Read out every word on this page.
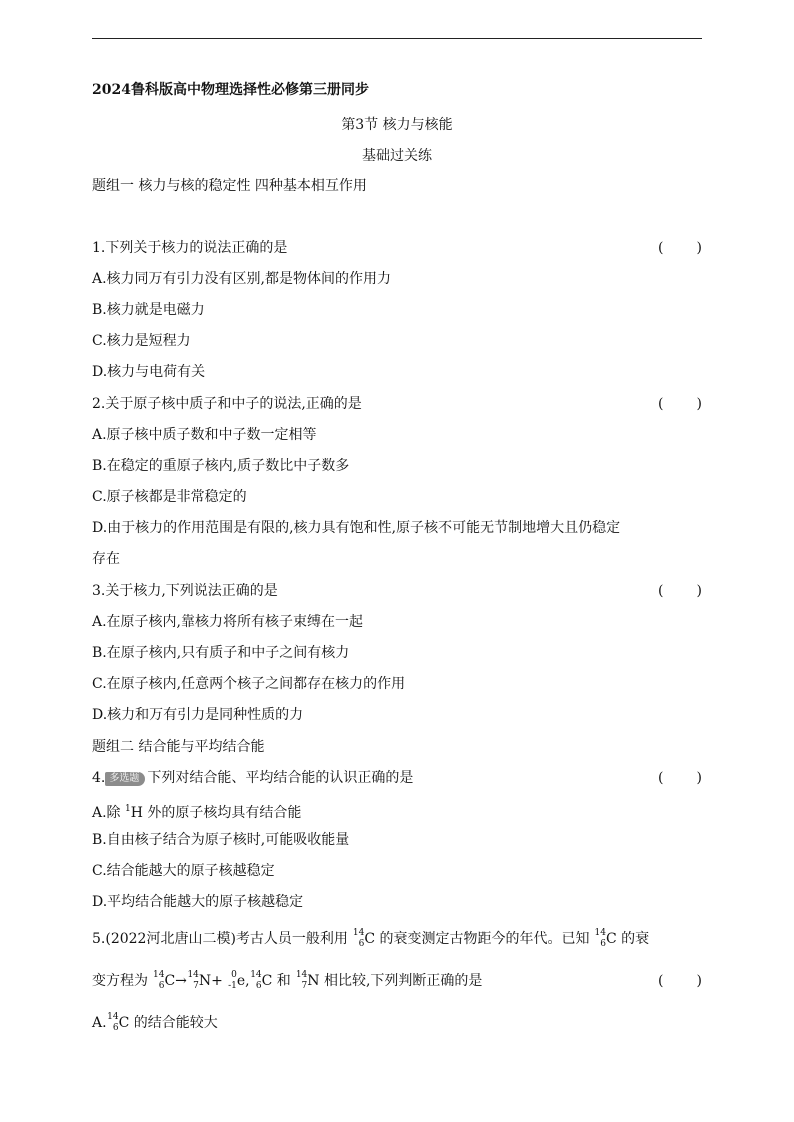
2024鲁科版高中物理选择性必修第三册同步
第3节 核力与核能
基础过关练
题组一 核力与核的稳定性 四种基本相互作用
1.下列关于核力的说法正确的是	( )
A.核力同万有引力没有区别,都是物体间的作用力
B.核力就是电磁力
C.核力是短程力
D.核力与电荷有关
2.关于原子核中质子和中子的说法,正确的是	( )
A.原子核中质子数和中子数一定相等
B.在稳定的重原子核内,质子数比中子数多
C.原子核都是非常稳定的
D.由于核力的作用范围是有限的,核力具有饱和性,原子核不可能无节制地增大且仍稳定
存在
3.关于核力,下列说法正确的是	( )
A.在原子核内,靠核力将所有核子束缚在一起
B.在原子核内,只有质子和中子之间有核力
C.在原子核内,任意两个核子之间都存在核力的作用
D.核力和万有引力是同种性质的力
题组二 结合能与平均结合能
4. 多选题 下列对结合能、平均结合能的认识正确的是	( )
A.除 $^1$H 外的原子核均具有结合能
B.自由核子结合为原子核时,可能吸收能量
C.结合能越大的原子核越稳定
D.平均结合能越大的原子核越稳定
5.(2022河北唐山二模)考古人员一般利用 14
6 C 的衰变测定古物距今的年代。已知 14
6 C 的衰
变方程为 14
6 C→ 14
7 N+ 0
-1 e, 14
6 C 和 14
7 N 相比较,下列判断正确的是	( )
A. 14
6 C 的结合能较大
